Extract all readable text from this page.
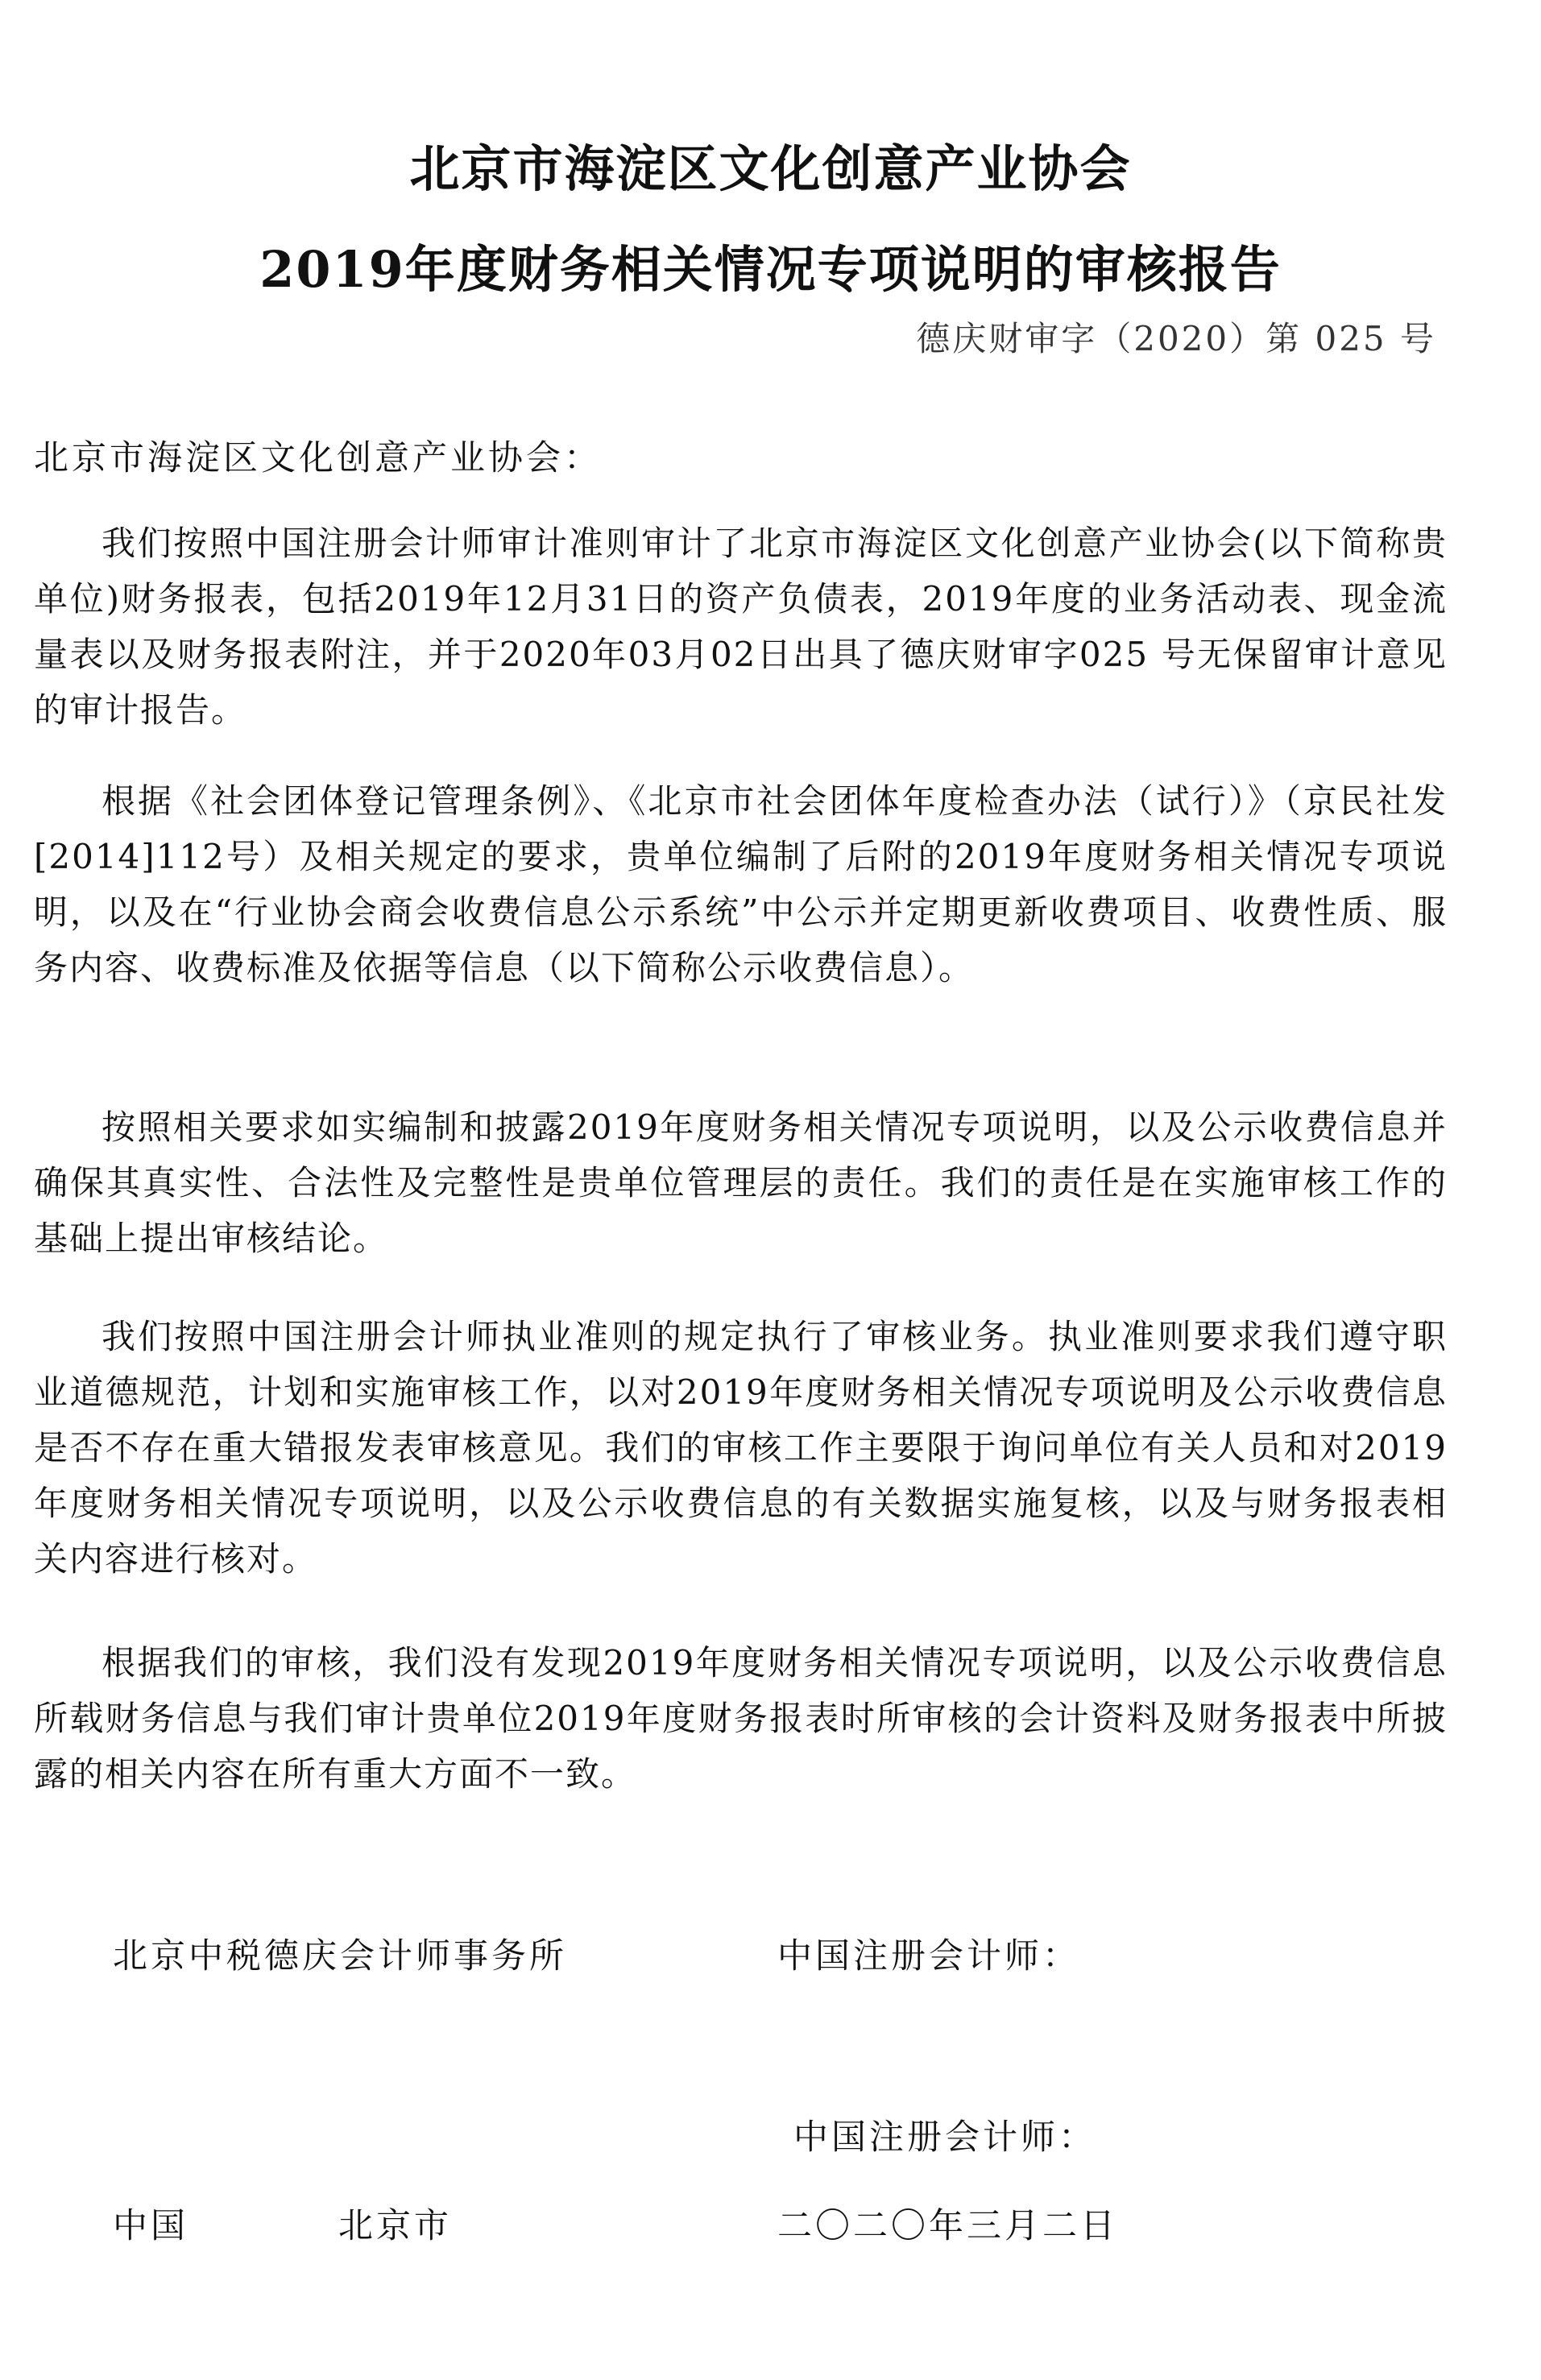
北京市海淀区文化创意产业协会
2019年度财务相关情况专项说明的审核报告
德庆财审字（2020）第 025 号
北京市海淀区文化创意产业协会：

我们按照中国注册会计师审计准则审计了北京市海淀区文化创意产业协会(以下简称贵单位)财务报表，包括2019年12月31日的资产负债表，2019年度的业务活动表、现金流量表以及财务报表附注，并于2020年03月02日出具了德庆财审字025 号无保留审计意见的审计报告。

根据《社会团体登记管理条例》、《北京市社会团体年度检查办法（试行）》（京民社发[2014]112号）及相关规定的要求，贵单位编制了后附的2019年度财务相关情况专项说明，以及在“行业协会商会收费信息公示系统”中公示并定期更新收费项目、收费性质、服务内容、收费标准及依据等信息（以下简称公示收费信息）。

按照相关要求如实编制和披露2019年度财务相关情况专项说明，以及公示收费信息并确保其真实性、合法性及完整性是贵单位管理层的责任。我们的责任是在实施审核工作的基础上提出审核结论。

我们按照中国注册会计师执业准则的规定执行了审核业务。执业准则要求我们遵守职业道德规范，计划和实施审核工作，以对2019年度财务相关情况专项说明及公示收费信息是否不存在重大错报发表审核意见。我们的审核工作主要限于询问单位有关人员和对2019年度财务相关情况专项说明，以及公示收费信息的有关数据实施复核，以及与财务报表相关内容进行核对。

根据我们的审核，我们没有发现2019年度财务相关情况专项说明，以及公示收费信息所载财务信息与我们审计贵单位2019年度财务报表时所审核的会计资料及财务报表中所披露的相关内容在所有重大方面不一致。

北京中税德庆会计师事务所	中国注册会计师：
中国注册会计师：
中国	北京市	二〇二〇年三月二日
